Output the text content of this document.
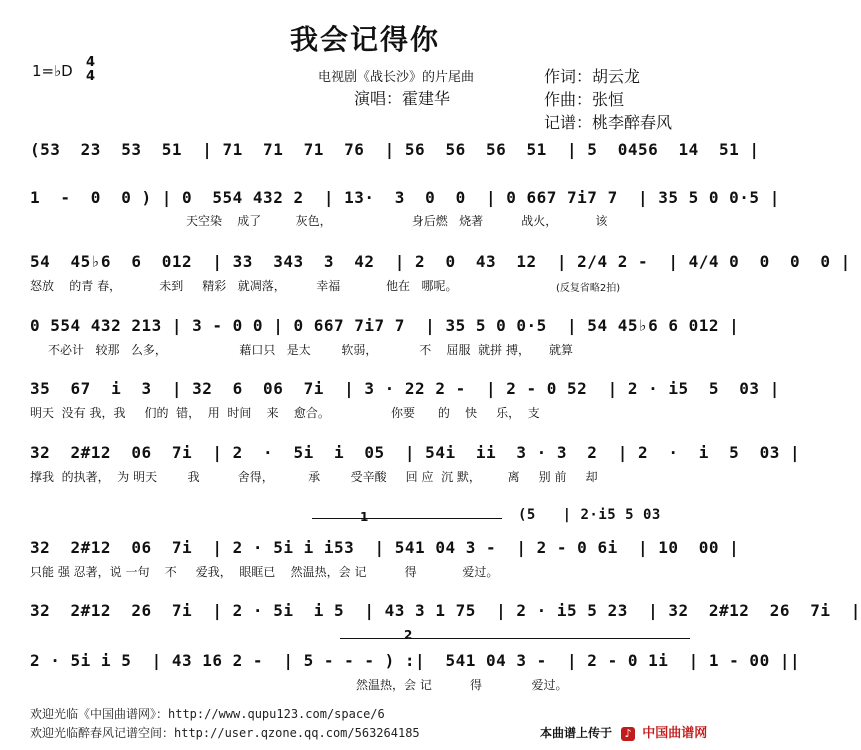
我会记得你
1=♭D 4
4	电视剧《战长沙》的片尾曲
演唱：霍建华
作词：胡云龙
作曲：张恒
记谱：桃李醉春风
(53  23  53  51  | 71  71  71  76  | 56  56  56  51  | 5  0456  14  51 |
1  -  0  0 ) | 0  554 432 2  | 13·  3  0  0  | 0 667 7i7 7  | 35 5 0 0·5 |
天空染    成了         灰色，                     身后燃   烧著          战火，          该
54  45♭6  6  012  | 33  343  3  42  | 2  0  43  12  | 2/4 2 -  | 4/4 0  0  0  0 |
怒放    的青 春，          未到     精彩   就凋落，        幸福            他在   哪呢。	(反复省略2拍)
0 554 432 213 | 3 - 0 0 | 0 667 7i7 7  | 35 5 0 0·5  | 54 45♭6 6 012 |
不必计   较那   么多，                   藉口只   是太        软弱，           不    屈服  就拼 搏，     就算
35  67  i  3  | 32  6  06  7i  | 3 · 22 2 -  | 2 - 0 52  | 2 · i5  5  03 |
明天  没有 我，我     们的  错，  用  时间    来    愈合。                你要      的    快     乐，  支
32  2#12  06  7i  | 2  ·  5i  i  05  | 54i  ii  3 · 3  2  | 2  ·  i  5  03 |
撑我  的执著，  为 明天        我          舍得，         承        受辛酸     回 应  沉 默，       离     别 前     却
1	(5   | 2·i5 5 03
32  2#12  06  7i  | 2 · 5i i i53  | 541 04 3 -  | 2 - 0 6i  | 10  00 |
只能 强 忍著，说 一句    不     爱我，  眼眶已    然温热，会 记          得            爱过。
32  2#12  26  7i  | 2 · 5i  i 5  | 43 3 1 75  | 2 · i5 5 23  | 32  2#12  26  7i  |
2
2 · 5i i 5  | 43 16 2 -  | 5 - - - ) :|  541 04 3 -  | 2 - 0 1i  | 1 - 00 ||
然温热，会 记          得             爱过。
欢迎光临《中国曲谱网》：http://www.qupu123.com/space/6
欢迎光临醉春风记谱空间：http://user.qzone.qq.com/563264185	本曲谱上传于 ♪ 中国曲谱网
